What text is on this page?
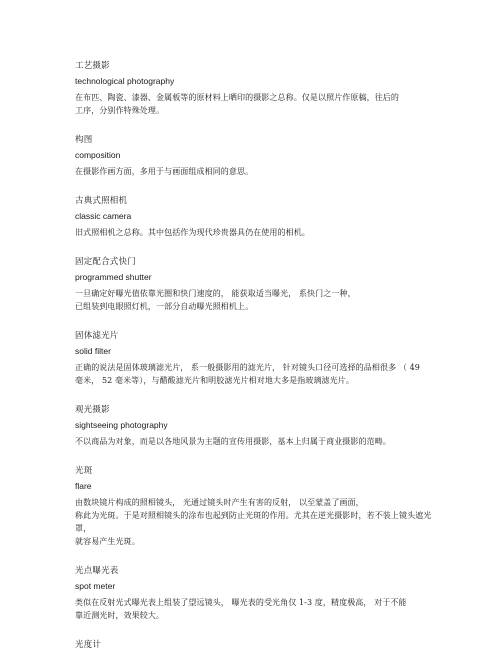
工艺摄影
technological photography
在布匹、陶瓷、漆器、金属板等的原材料上晒印的摄影之总称。仅是以照片作原稿，往后的
工序，分别作特殊处理。
构图
composition
在摄影作画方面，多用于与画面组成相同的意思。
古典式照相机
classic camera
旧式照相机之总称。其中包括作为现代珍贵器具仍在使用的相机。
固定配合式快门
programmed shutter
一旦确定好曝光值依靠光圈和快门速度的， 能获取适当曝光， 系快门之一种，
已组装到电眼照灯机，一部分自动曝光照相机上。
固体滤光片
solid filter
正确的说法是固体玻璃滤光片， 系一般摄影用的滤光片， 针对镜头口径可选择的品相很多 （ 49
毫米， 52 毫米等），与醋酸滤光片和明胶滤光片相对地大多是指玻璃滤光片。
观光摄影
sightseeing photography
不以商品为对象，而是以各地风景为主题的宣传用摄影，基本上归属于商业摄影的范畴。
光斑
flare
由数块镜片构成的照相镜头， 光通过镜头时产生有害的反射， 以至蒙盖了画面，
称此为光斑。于是对照相镜头的涂布也起到防止光斑的作用。尤其在逆光摄影时，若不装上镜头遮光
罩，
就容易产生光斑。
光点曝光表
spot meter
类似在反射光式曝光表上组装了望远镜头， 曝光表的受光角仅 1-3 度，精度极高， 对于不能
靠近测光时，效果较大。
光度计
